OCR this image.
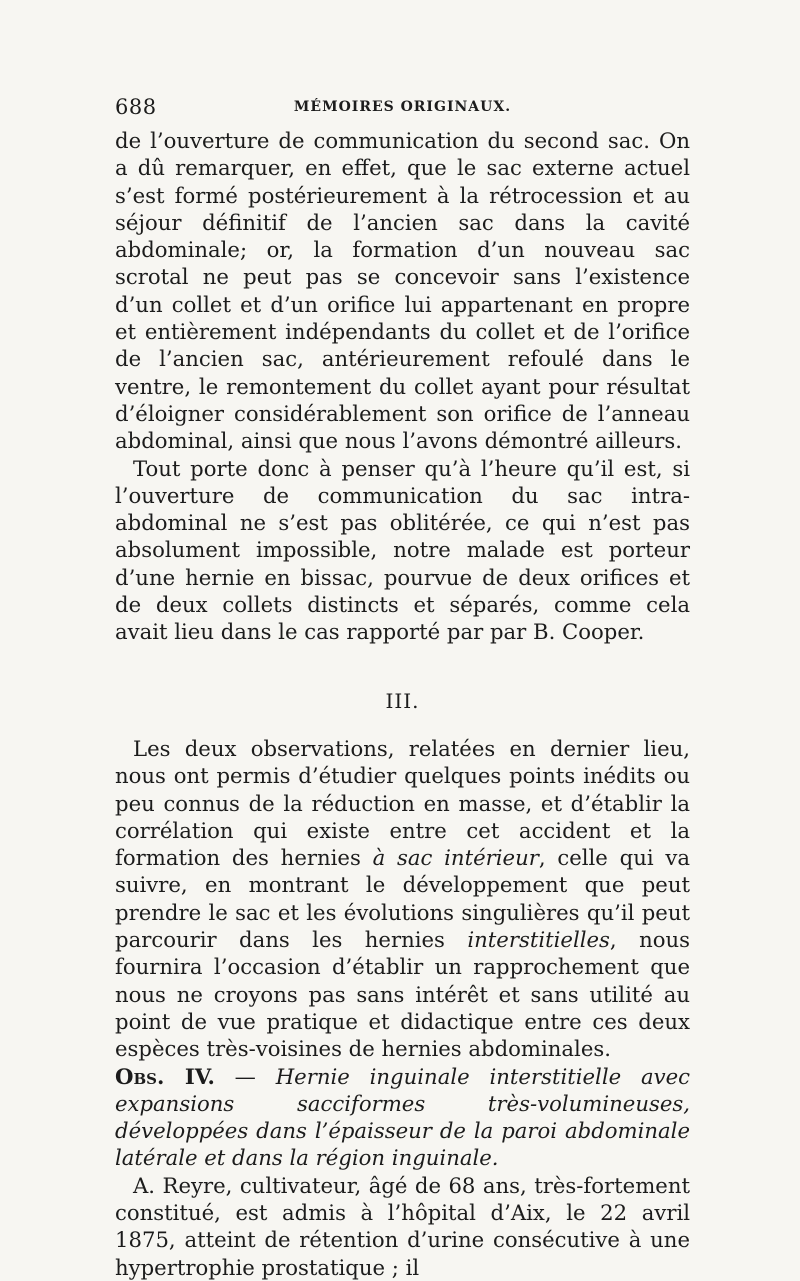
688	MÉMOIRES ORIGINAUX.

de l’ouverture de communication du second sac. On a dû remarquer, en effet, que le sac externe actuel s’est formé postérieurement à la rétrocession et au séjour définitif de l’ancien sac dans la cavité abdominale; or, la formation d’un nouveau sac scrotal ne peut pas se concevoir sans l’existence d’un collet et d’un orifice lui appartenant en propre et entièrement indépendants du collet et de l’orifice de l’ancien sac, antérieurement refoulé dans le ventre, le remontement du collet ayant pour résultat d’éloigner considérablement son orifice de l’anneau abdominal, ainsi que nous l’avons démontré ailleurs.

Tout porte donc à penser qu’à l’heure qu’il est, si l’ouverture de communication du sac intra-abdominal ne s’est pas oblitérée, ce qui n’est pas absolument impossible, notre malade est porteur d’une hernie en bissac, pourvue de deux orifices et de deux collets distincts et séparés, comme cela avait lieu dans le cas rapporté par par B. Cooper.

III.

Les deux observations, relatées en dernier lieu, nous ont permis d’étudier quelques points inédits ou peu connus de la réduction en masse, et d’établir la corrélation qui existe entre cet accident et la formation des hernies à sac intérieur, celle qui va suivre, en montrant le développement que peut prendre le sac et les évolutions singulières qu’il peut parcourir dans les hernies interstitielles, nous fournira l’occasion d’établir un rapprochement que nous ne croyons pas sans intérêt et sans utilité au point de vue pratique et didactique entre ces deux espèces très-voisines de hernies abdominales.

Obs. IV. — Hernie inguinale interstitielle avec expansions sacciformes très-volumineuses, développées dans l’épaisseur de la paroi abdominale latérale et dans la région inguinale.

A. Reyre, cultivateur, âgé de 68 ans, très-fortement constitué, est admis à l’hôpital d’Aix, le 22 avril 1875, atteint de rétention d’urine consécutive à une hypertrophie prostatique ; il
